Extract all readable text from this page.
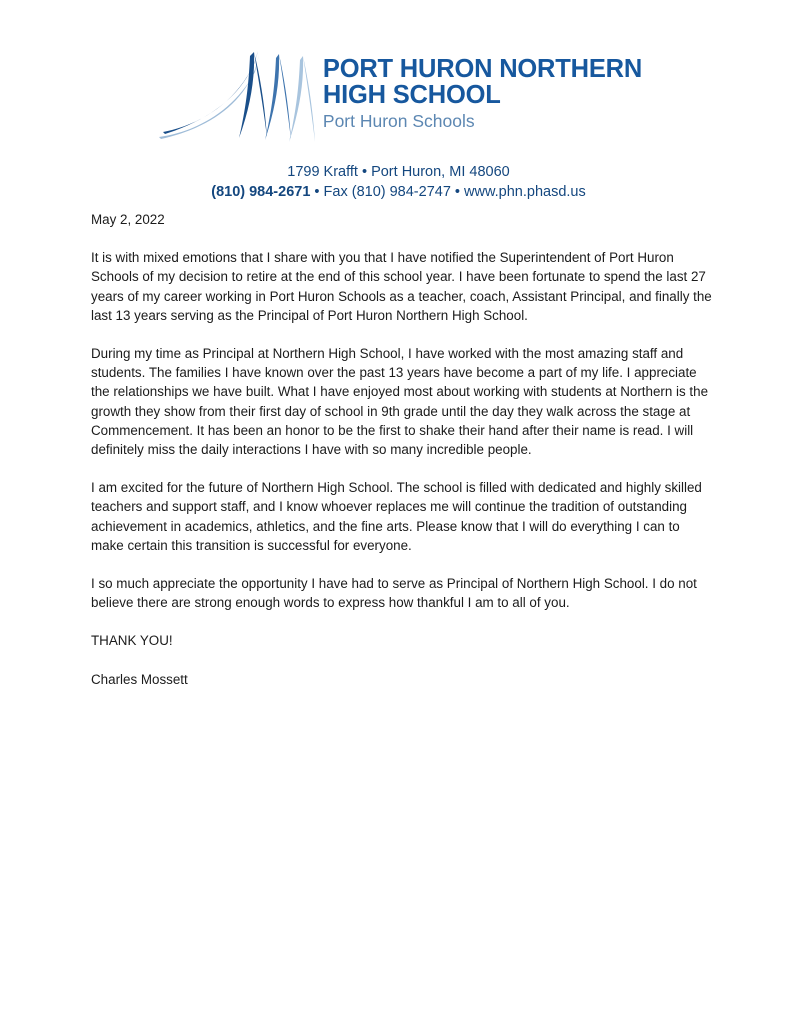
PORT HURON NORTHERN
HIGH SCHOOL
Port Huron Schools
1799 Krafft • Port Huron, MI 48060
(810) 984-2671 • Fax (810) 984-2747 • www.phn.phasd.us
May 2, 2022

It is with mixed emotions that I share with you that I have notified the Superintendent of Port Huron Schools of my decision to retire at the end of this school year. I have been fortunate to spend the last 27 years of my career working in Port Huron Schools as a teacher, coach, Assistant Principal, and finally the last 13 years serving as the Principal of Port Huron Northern High School.

During my time as Principal at Northern High School, I have worked with the most amazing staff and students. The families I have known over the past 13 years have become a part of my life. I appreciate the relationships we have built. What I have enjoyed most about working with students at Northern is the growth they show from their first day of school in 9th grade until the day they walk across the stage at Commencement. It has been an honor to be the first to shake their hand after their name is read. I will definitely miss the daily interactions I have with so many incredible people.

I am excited for the future of Northern High School. The school is filled with dedicated and highly skilled teachers and support staff, and I know whoever replaces me will continue the tradition of outstanding achievement in academics, athletics, and the fine arts. Please know that I will do everything I can to make certain this transition is successful for everyone.

I so much appreciate the opportunity I have had to serve as Principal of Northern High School. I do not believe there are strong enough words to express how thankful I am to all of you.

THANK YOU!
Charles Mossett
